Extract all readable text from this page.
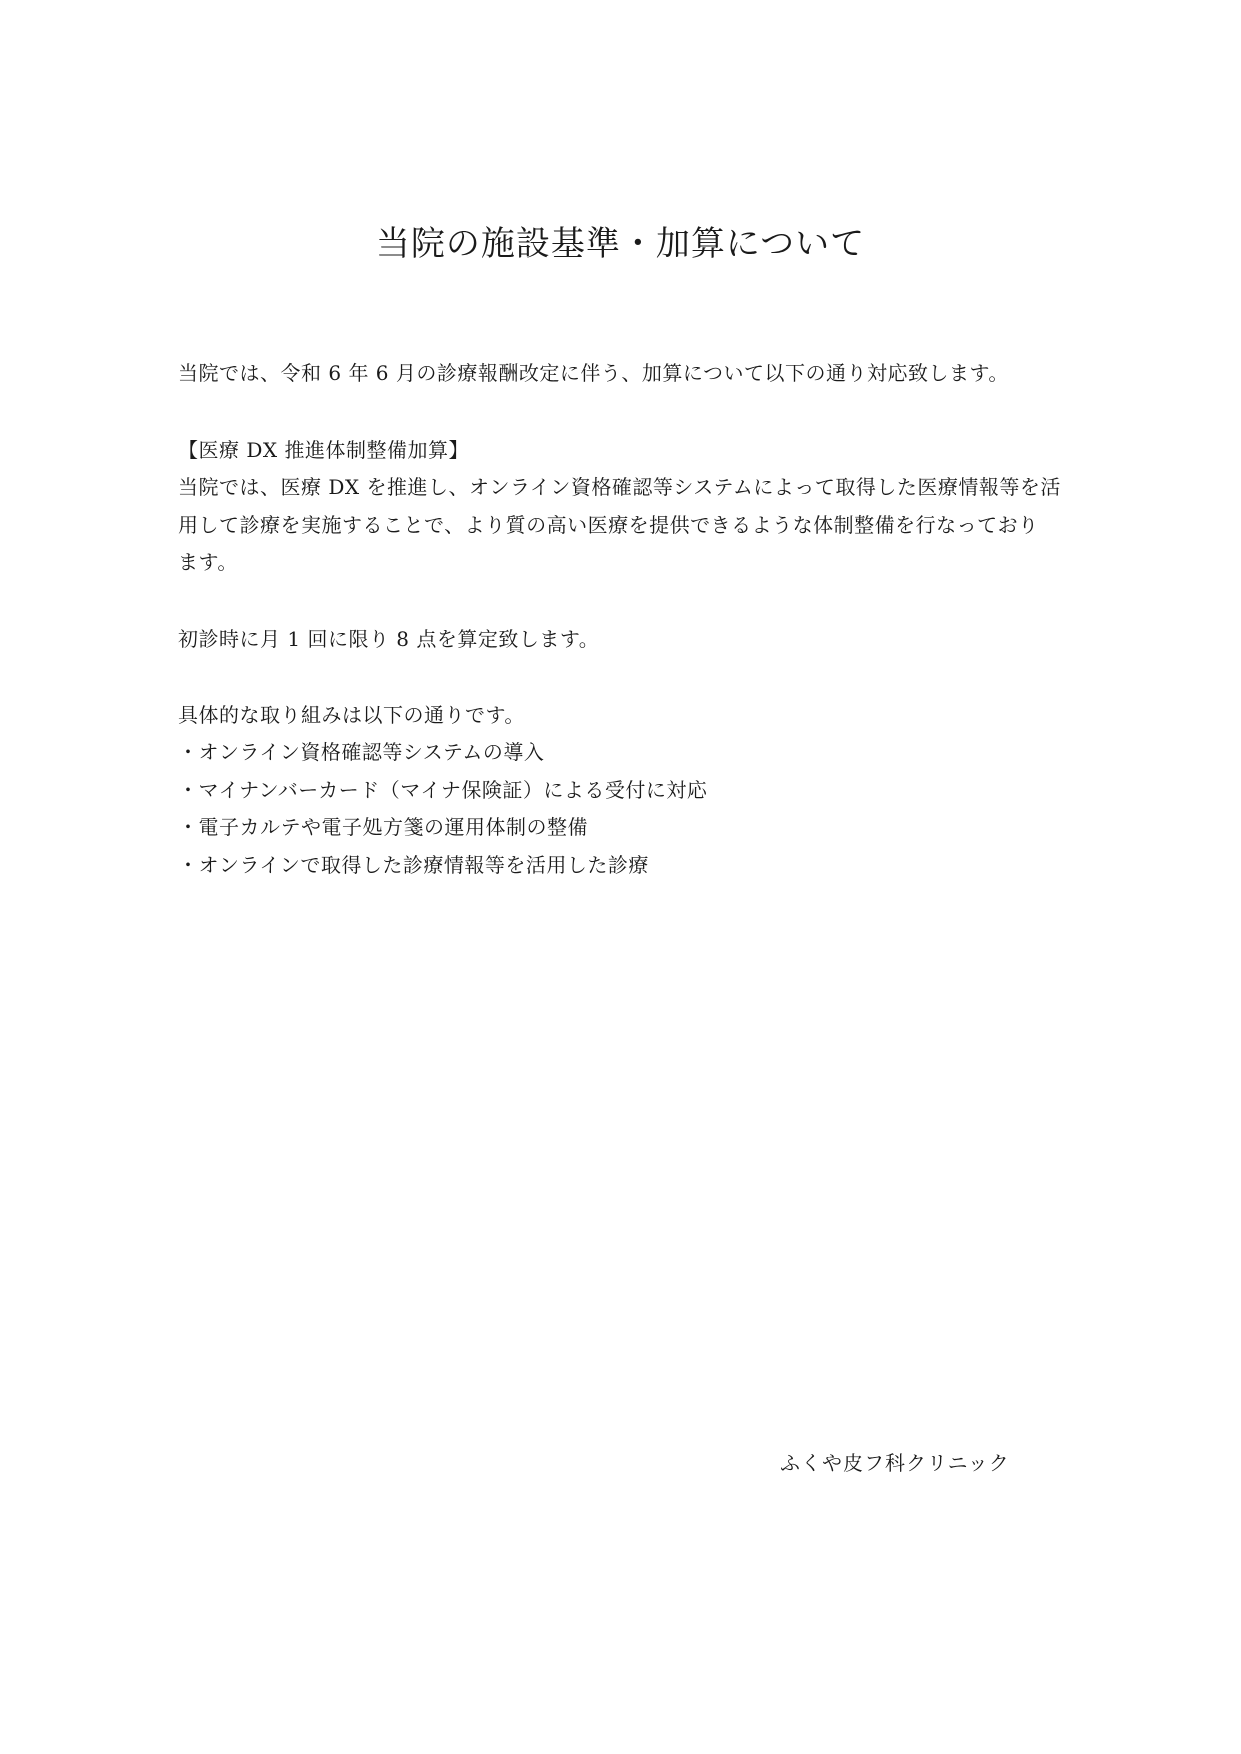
当院の施設基準・加算について
当院では、令和 6 年 6 月の診療報酬改定に伴う、加算について以下の通り対応致します。
【医療 DX 推進体制整備加算】
当院では、医療 DX を推進し、オンライン資格確認等システムによって取得した医療情報等を活
用して診療を実施することで、より質の高い医療を提供できるような体制整備を行なっており
ます。
初診時に月 1 回に限り 8 点を算定致します。
具体的な取り組みは以下の通りです。
・オンライン資格確認等システムの導入
・マイナンバーカード（マイナ保険証）による受付に対応
・電子カルテや電子処方箋の運用体制の整備
・オンラインで取得した診療情報等を活用した診療
ふくや皮フ科クリニック
